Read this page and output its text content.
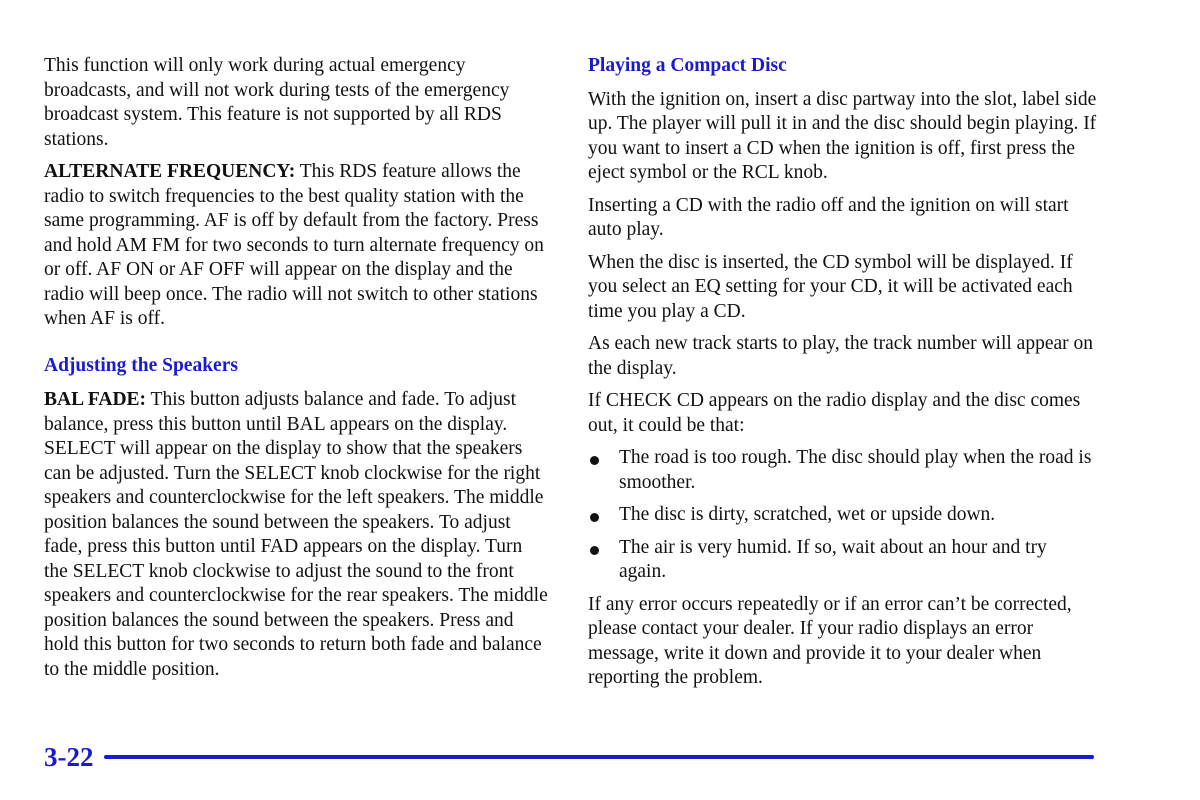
This function will only work during actual emergency broadcasts, and will not work during tests of the emergency broadcast system. This feature is not supported by all RDS stations.

ALTERNATE FREQUENCY: This RDS feature allows the radio to switch frequencies to the best quality station with the same programming. AF is off by default from the factory. Press and hold AM FM for two seconds to turn alternate frequency on or off. AF ON or AF OFF will appear on the display and the radio will beep once. The radio will not switch to other stations when AF is off.

Adjusting the Speakers

BAL FADE: This button adjusts balance and fade. To adjust balance, press this button until BAL appears on the display. SELECT will appear on the display to show that the speakers can be adjusted. Turn the SELECT knob clockwise for the right speakers and counterclockwise for the left speakers. The middle position balances the sound between the speakers. To adjust fade, press this button until FAD appears on the display. Turn the SELECT knob clockwise to adjust the sound to the front speakers and counterclockwise for the rear speakers. The middle position balances the sound between the speakers. Press and hold this button for two seconds to return both fade and balance to the middle position.

Playing a Compact Disc

With the ignition on, insert a disc partway into the slot, label side up. The player will pull it in and the disc should begin playing. If you want to insert a CD when the ignition is off, first press the eject symbol or the RCL knob.

Inserting a CD with the radio off and the ignition on will start auto play.

When the disc is inserted, the CD symbol will be displayed. If you select an EQ setting for your CD, it will be activated each time you play a CD.

As each new track starts to play, the track number will appear on the display.

If CHECK CD appears on the radio display and the disc comes out, it could be that:

The road is too rough. The disc should play when the road is smoother.
The disc is dirty, scratched, wet or upside down.
The air is very humid. If so, wait about an hour and try again.

If any error occurs repeatedly or if an error can’t be corrected, please contact your dealer. If your radio displays an error message, write it down and provide it to your dealer when reporting the problem.

3-22
